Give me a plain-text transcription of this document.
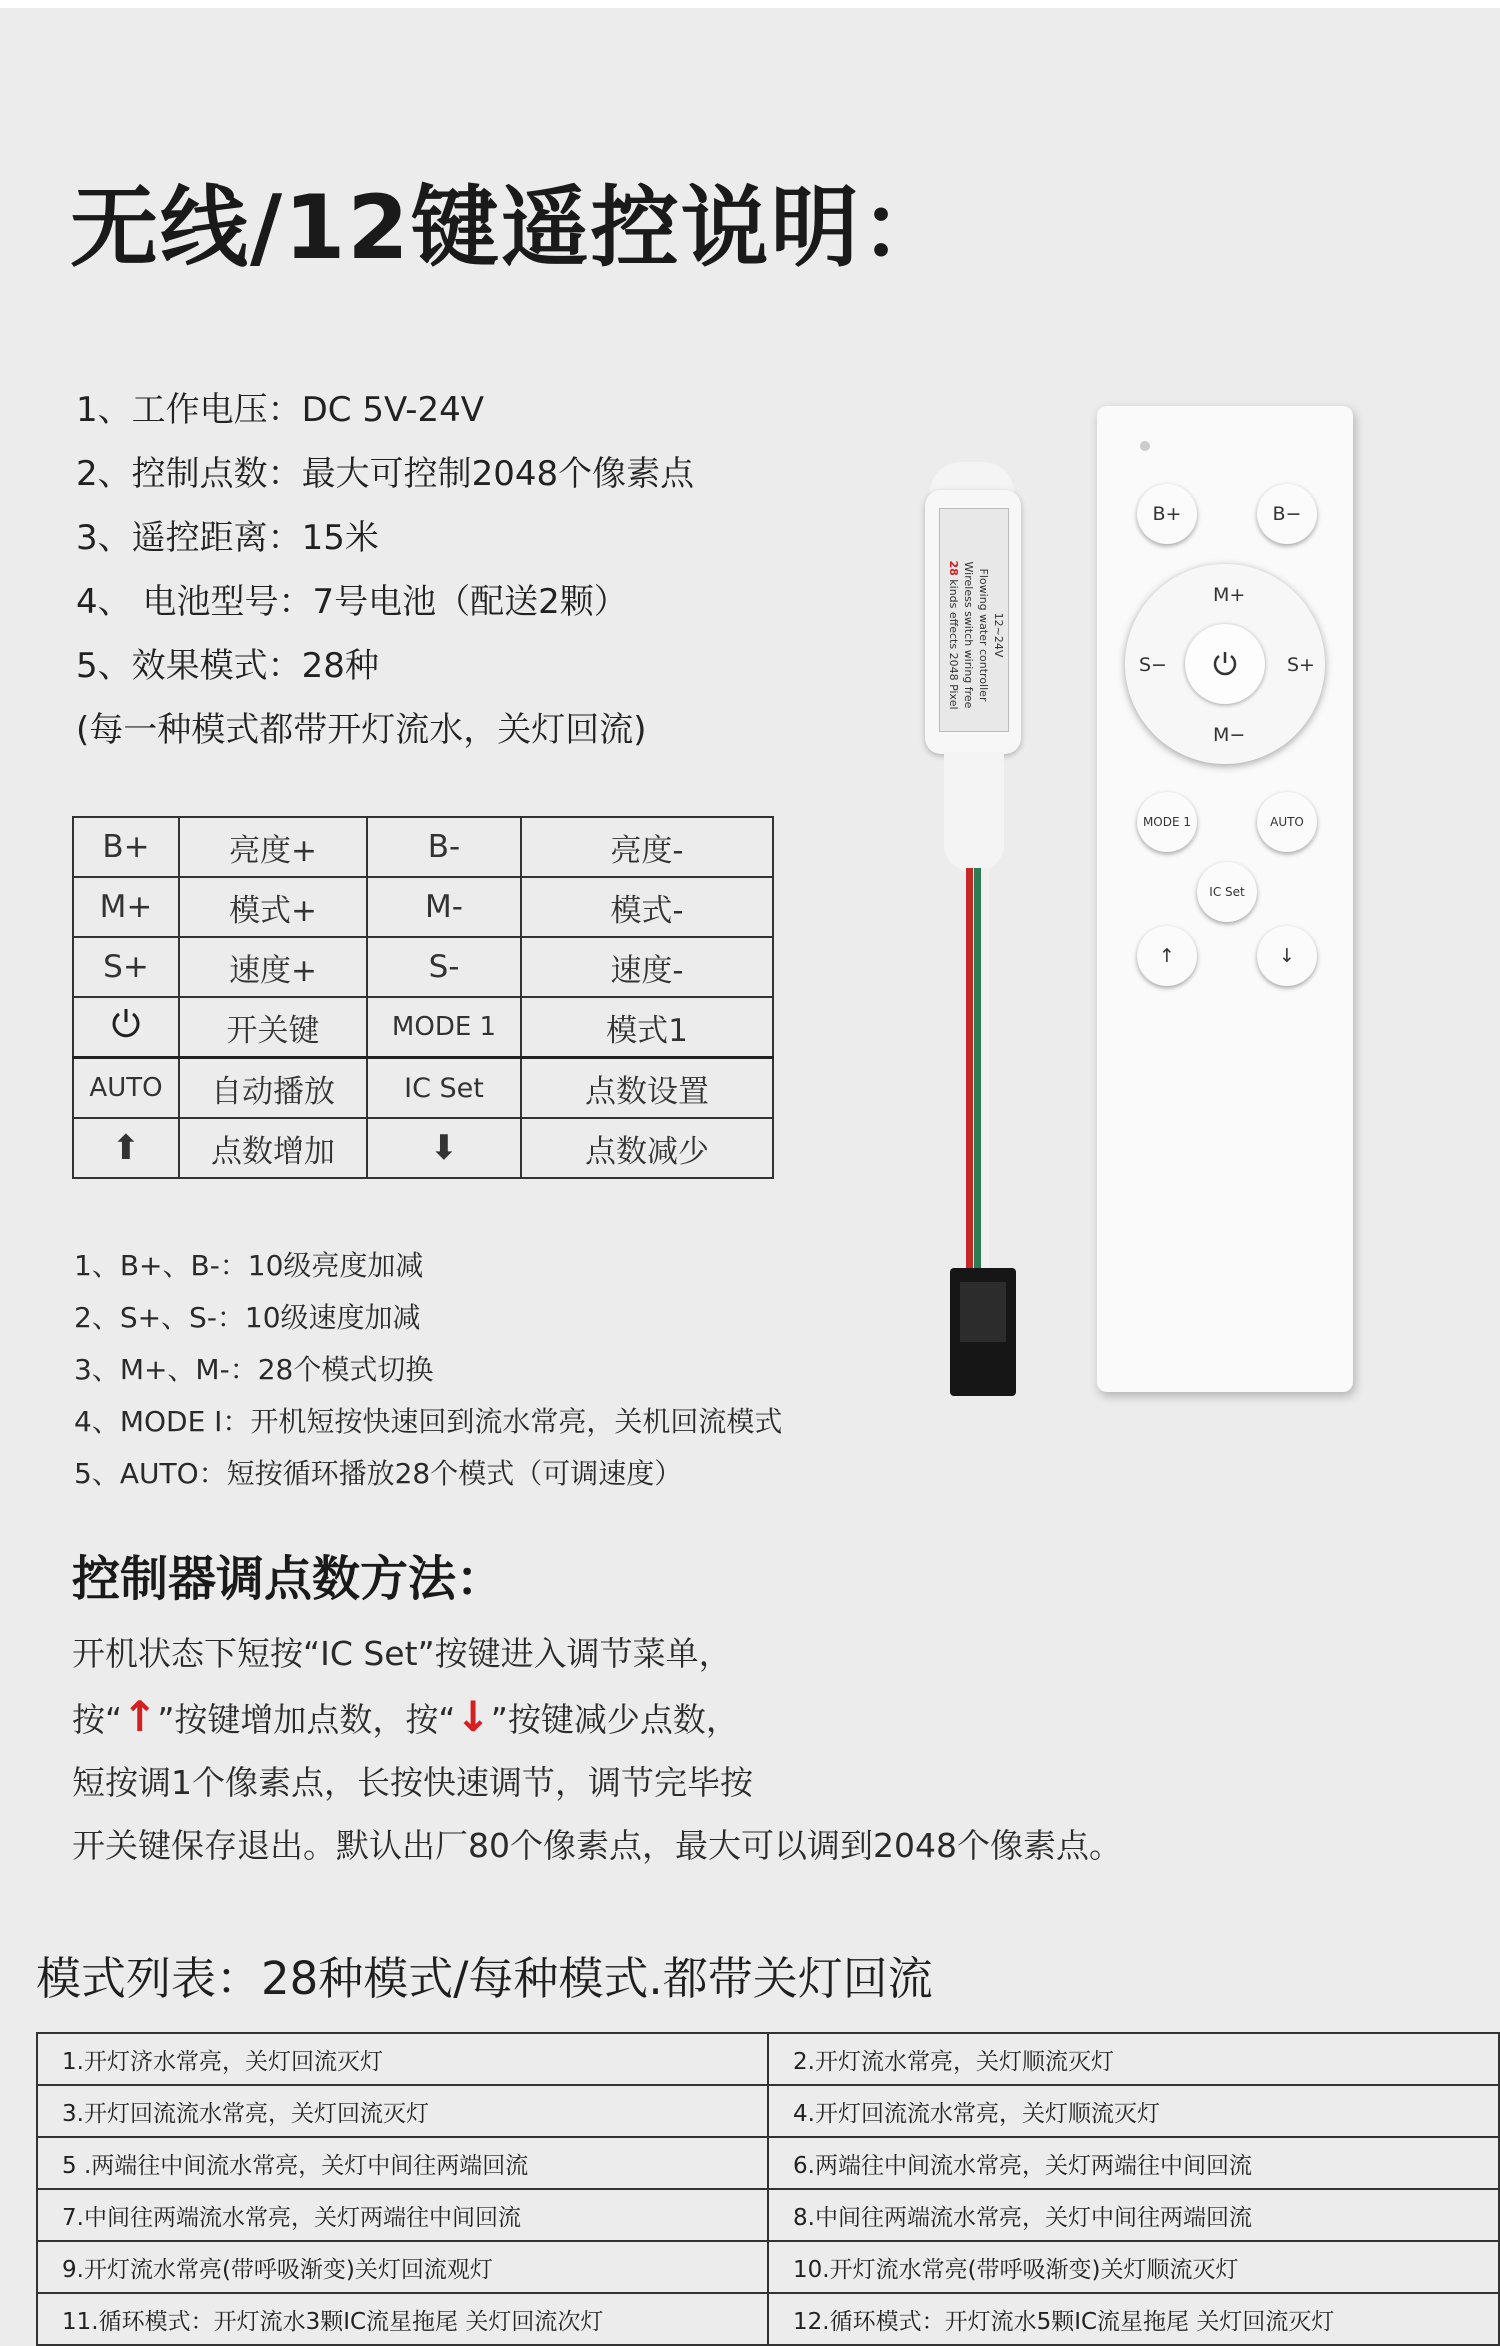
无线/12键遥控说明：
1、工作电压：DC 5V-24V
2、控制点数：最大可控制2048个像素点
3、遥控距离：15米
4、 电池型号：7号电池（配送2颗）
5、效果模式：28种
(每一种模式都带开灯流水，关灯回流)
B+	亮度+	B-	亮度-
M+	模式+	M-	模式-
S+	速度+	S-	速度-
	开关键	MODE 1	模式1
AUTO	自动播放	IC Set	点数设置
⬆	点数增加	⬇	点数减少
1、B+、B-：10级亮度加减
2、S+、S-：10级速度加减
3、M+、M-：28个模式切换
4、MODE I：开机短按快速回到流水常亮，关机回流模式
5、AUTO：短按循环播放28个模式（可调速度）
控制器调点数方法：
开机状态下短按“IC Set”按键进入调节菜单，
按“↑”按键增加点数，按“↓”按键减少点数，
短按调1个像素点，长按快速调节，调节完毕按
开关键保存退出。默认出厂80个像素点，最大可以调到2048个像素点。
模式列表：28种模式/每种模式.都带关灯回流
1.开灯济水常亮，关灯回流灭灯	2.开灯流水常亮，关灯顺流灭灯
3.开灯回流流水常亮，关灯回流灭灯	4.开灯回流流水常亮，关灯顺流灭灯
5 .两端往中间流水常亮，关灯中间往两端回流	6.两端往中间流水常亮，关灯两端往中间回流
7.中间往两端流水常亮，关灯两端往中间回流	8.中间往两端流水常亮，关灯中间往两端回流
9.开灯流水常亮(带呼吸渐变)关灯回流观灯	10.开灯流水常亮(带呼吸渐变)关灯顺流灭灯
11.循环模式：开灯流水3颗IC流星拖尾 关灯回流次灯	12.循环模式：开灯流水5颗IC流星拖尾 关灯回流灭灯
12~24V
Flowing water controller
Wireless switch wiring free
28 kinds effects 2048 Pixel
B+	B−
M+
M−
S−	S+
MODE 1	AUTO
IC Set
↑	↓
